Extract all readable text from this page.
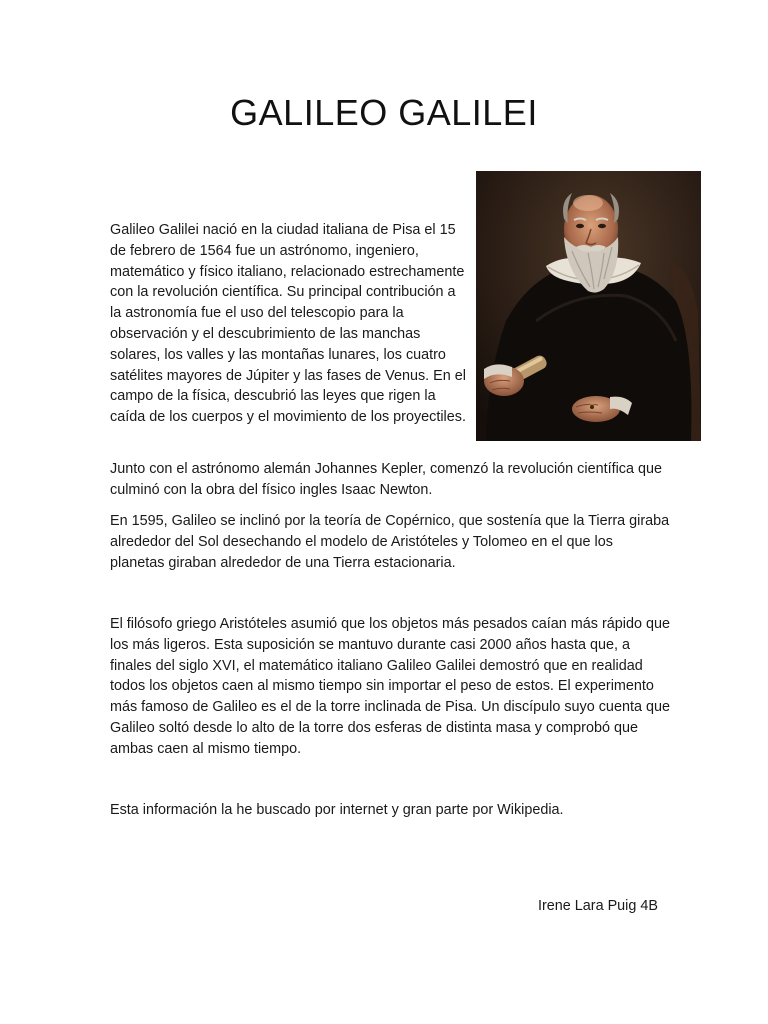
GALILEO GALILEI

Galileo Galilei nació en la ciudad italiana de Pisa el 15 de febrero de 1564 fue un astrónomo, ingeniero, matemático y físico italiano, relacionado estrechamente con la revolución científica. Su principal contribución a la astronomía fue el uso del telescopio para la observación y el descubrimiento de las manchas solares, los valles y las montañas lunares, los cuatro satélites mayores de Júpiter y las fases de Venus. En el campo de la física, descubrió las leyes que rigen la caída de los cuerpos y el movimiento de los proyectiles.

Junto con el astrónomo alemán Johannes Kepler, comenzó la revolución científica que culminó con la obra del físico ingles Isaac Newton.

En 1595, Galileo se inclinó por la teoría de Copérnico, que sostenía que la Tierra giraba alrededor del Sol desechando el modelo de Aristóteles y Tolomeo en el que los planetas giraban alrededor de una Tierra estacionaria.

El filósofo griego Aristóteles asumió que los objetos más pesados caían más rápido que los más ligeros. Esta suposición se mantuvo durante casi 2000 años hasta que, a finales del siglo XVI, el matemático italiano Galileo Galilei demostró que en realidad todos los objetos caen al mismo tiempo sin importar el peso de estos. El experimento más famoso de Galileo es el de la torre inclinada de Pisa. Un discípulo suyo cuenta que Galileo soltó desde lo alto de la torre dos esferas de distinta masa y comprobó que ambas caen al mismo tiempo.

Esta información la he buscado por internet y gran parte por Wikipedia.

Irene Lara Puig 4B
